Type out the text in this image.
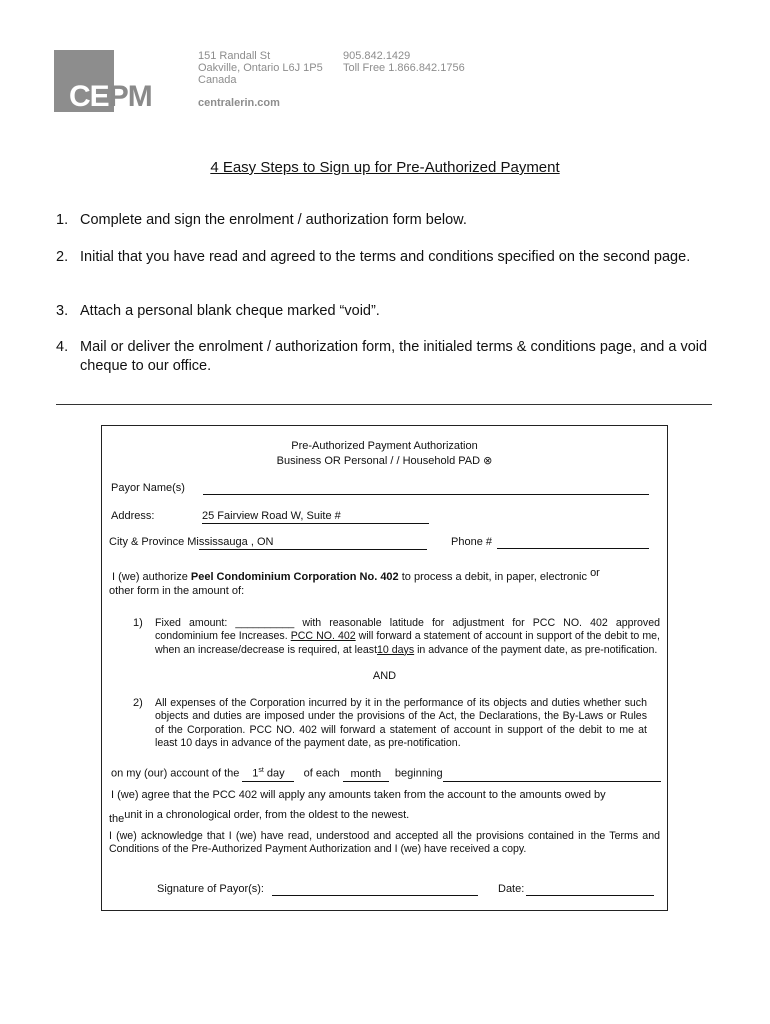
CEPM
151 Randall St
Oakville, Ontario L6J 1P5
Canada
905.842.1429
Toll Free 1.866.842.1756
centralerin.com
4 Easy Steps to Sign up for Pre-Authorized Payment
1. Complete and sign the enrolment / authorization form below.
2. Initial that you have read and agreed to the terms and conditions specified on the second page.
3. Attach a personal blank cheque marked “void”.
4. Mail or deliver the enrolment / authorization form, the initialed terms & conditions page, and a void cheque to our office.
Pre-Authorized Payment Authorization
Business OR Personal / / Household PAD ⊗
Payor Name(s)
Address:	25 Fairview Road W, Suite #
City & Province Mississauga , ON	Phone #
I (we) authorize Peel Condominium Corporation No. 402 to process a debit, in paper, electronic or
other form in the amount of:
1) Fixed amount: __________ with reasonable latitude for adjustment for PCC NO. 402 approved condominium fee Increases. PCC NO. 402 will forward a statement of account in support of the debit to me, when an increase/decrease is required, at least10 days in advance of the payment date, as pre-notification.
AND
2) All expenses of the Corporation incurred by it in the performance of its objects and duties whether such objects and duties are imposed under the provisions of the Act, the Declarations, the By-Laws or Rules of the Corporation. PCC NO. 402 will forward a statement of account in support of the debit to me at least 10 days in advance of the payment date, as pre-notification.
on my (our) account of the 1st day of each month beginning
I (we) agree that the PCC 402 will apply any amounts taken from the account to the amounts owed by
theunit in a chronological order, from the oldest to the newest.
I (we) acknowledge that I (we) have read, understood and accepted all the provisions contained in the Terms and Conditions of the Pre-Authorized Payment Authorization and I (we) have received a copy.
Signature of Payor(s):	Date:
